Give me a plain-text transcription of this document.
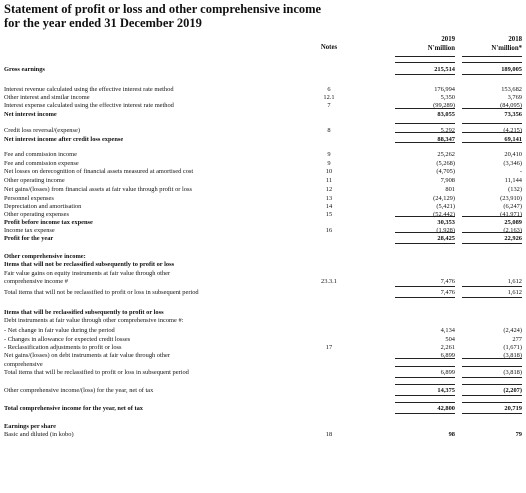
Statement of profit or loss and other comprehensive income
for the year ended 31 December 2019
Notes
2019
N'million
2018
N'million*
Gross earnings	215,514	189,005
Interest revenue calculated using the effective interest rate method	6	176,994	153,682
Other interest and similar income	12.1	5,350	3,769
Interest expense calculated using the effective interest rate method	7	(99,289)	(84,095)
Net interest income	83,055	73,356
Credit loss reversal/(expense)	8	5,292	(4,215)
Net interest income after credit loss expense	88,347	69,141
Fee and commission income	9	25,262	20,410
Fee and commission expense	9	(5,268)	(3,346)
Net losses on derecognition of financial assets measured at amortised cost	10	(4,705)	-
Other operating income	11	7,908	11,144
Net gains/(losses) from financial assets at fair value through profit or loss	12	801	(132)
Personnel expenses	13	(24,129)	(23,910)
Depreciation and amortisation	14	(5,421)	(6,247)
Other operating expenses	15	(52,442)	(41,971)
Profit before income tax expense	30,353	25,089
Income tax expense	16	(1,928)	(2,163)
Profit for the year	28,425	22,926
Other comprehensive income:
Items that will not be reclassified subsequently to profit or loss
Fair value gains on equity instruments at fair value through other
comprehensive income #	23.3.1	7,476	1,612
Total items that will not be reclassified to profit or loss in subsequent period	7,476	1,612
Items that will be reclassified subsequently to profit or loss
Debt instruments at fair value through other comprehensive income #:
- Net change in fair value during the period	4,134	(2,424)
- Changes in allowance for expected credit losses	504	277
- Reclassification adjustments to profit or loss	17	2,261	(1,671)
Net gains/(losses) on debt instruments at fair value through other	6,899	(3,818)
comprehensive
Total items that will be reclassified to profit or loss in subsequent period	6,899	(3,818)
Other comprehensive income/(loss) for the year, net of tax	14,375	(2,207)
Total comprehensive income for the year, net of tax	42,800	20,719
Earnings per share
Basic and diluted (in kobo)	18	98	79
